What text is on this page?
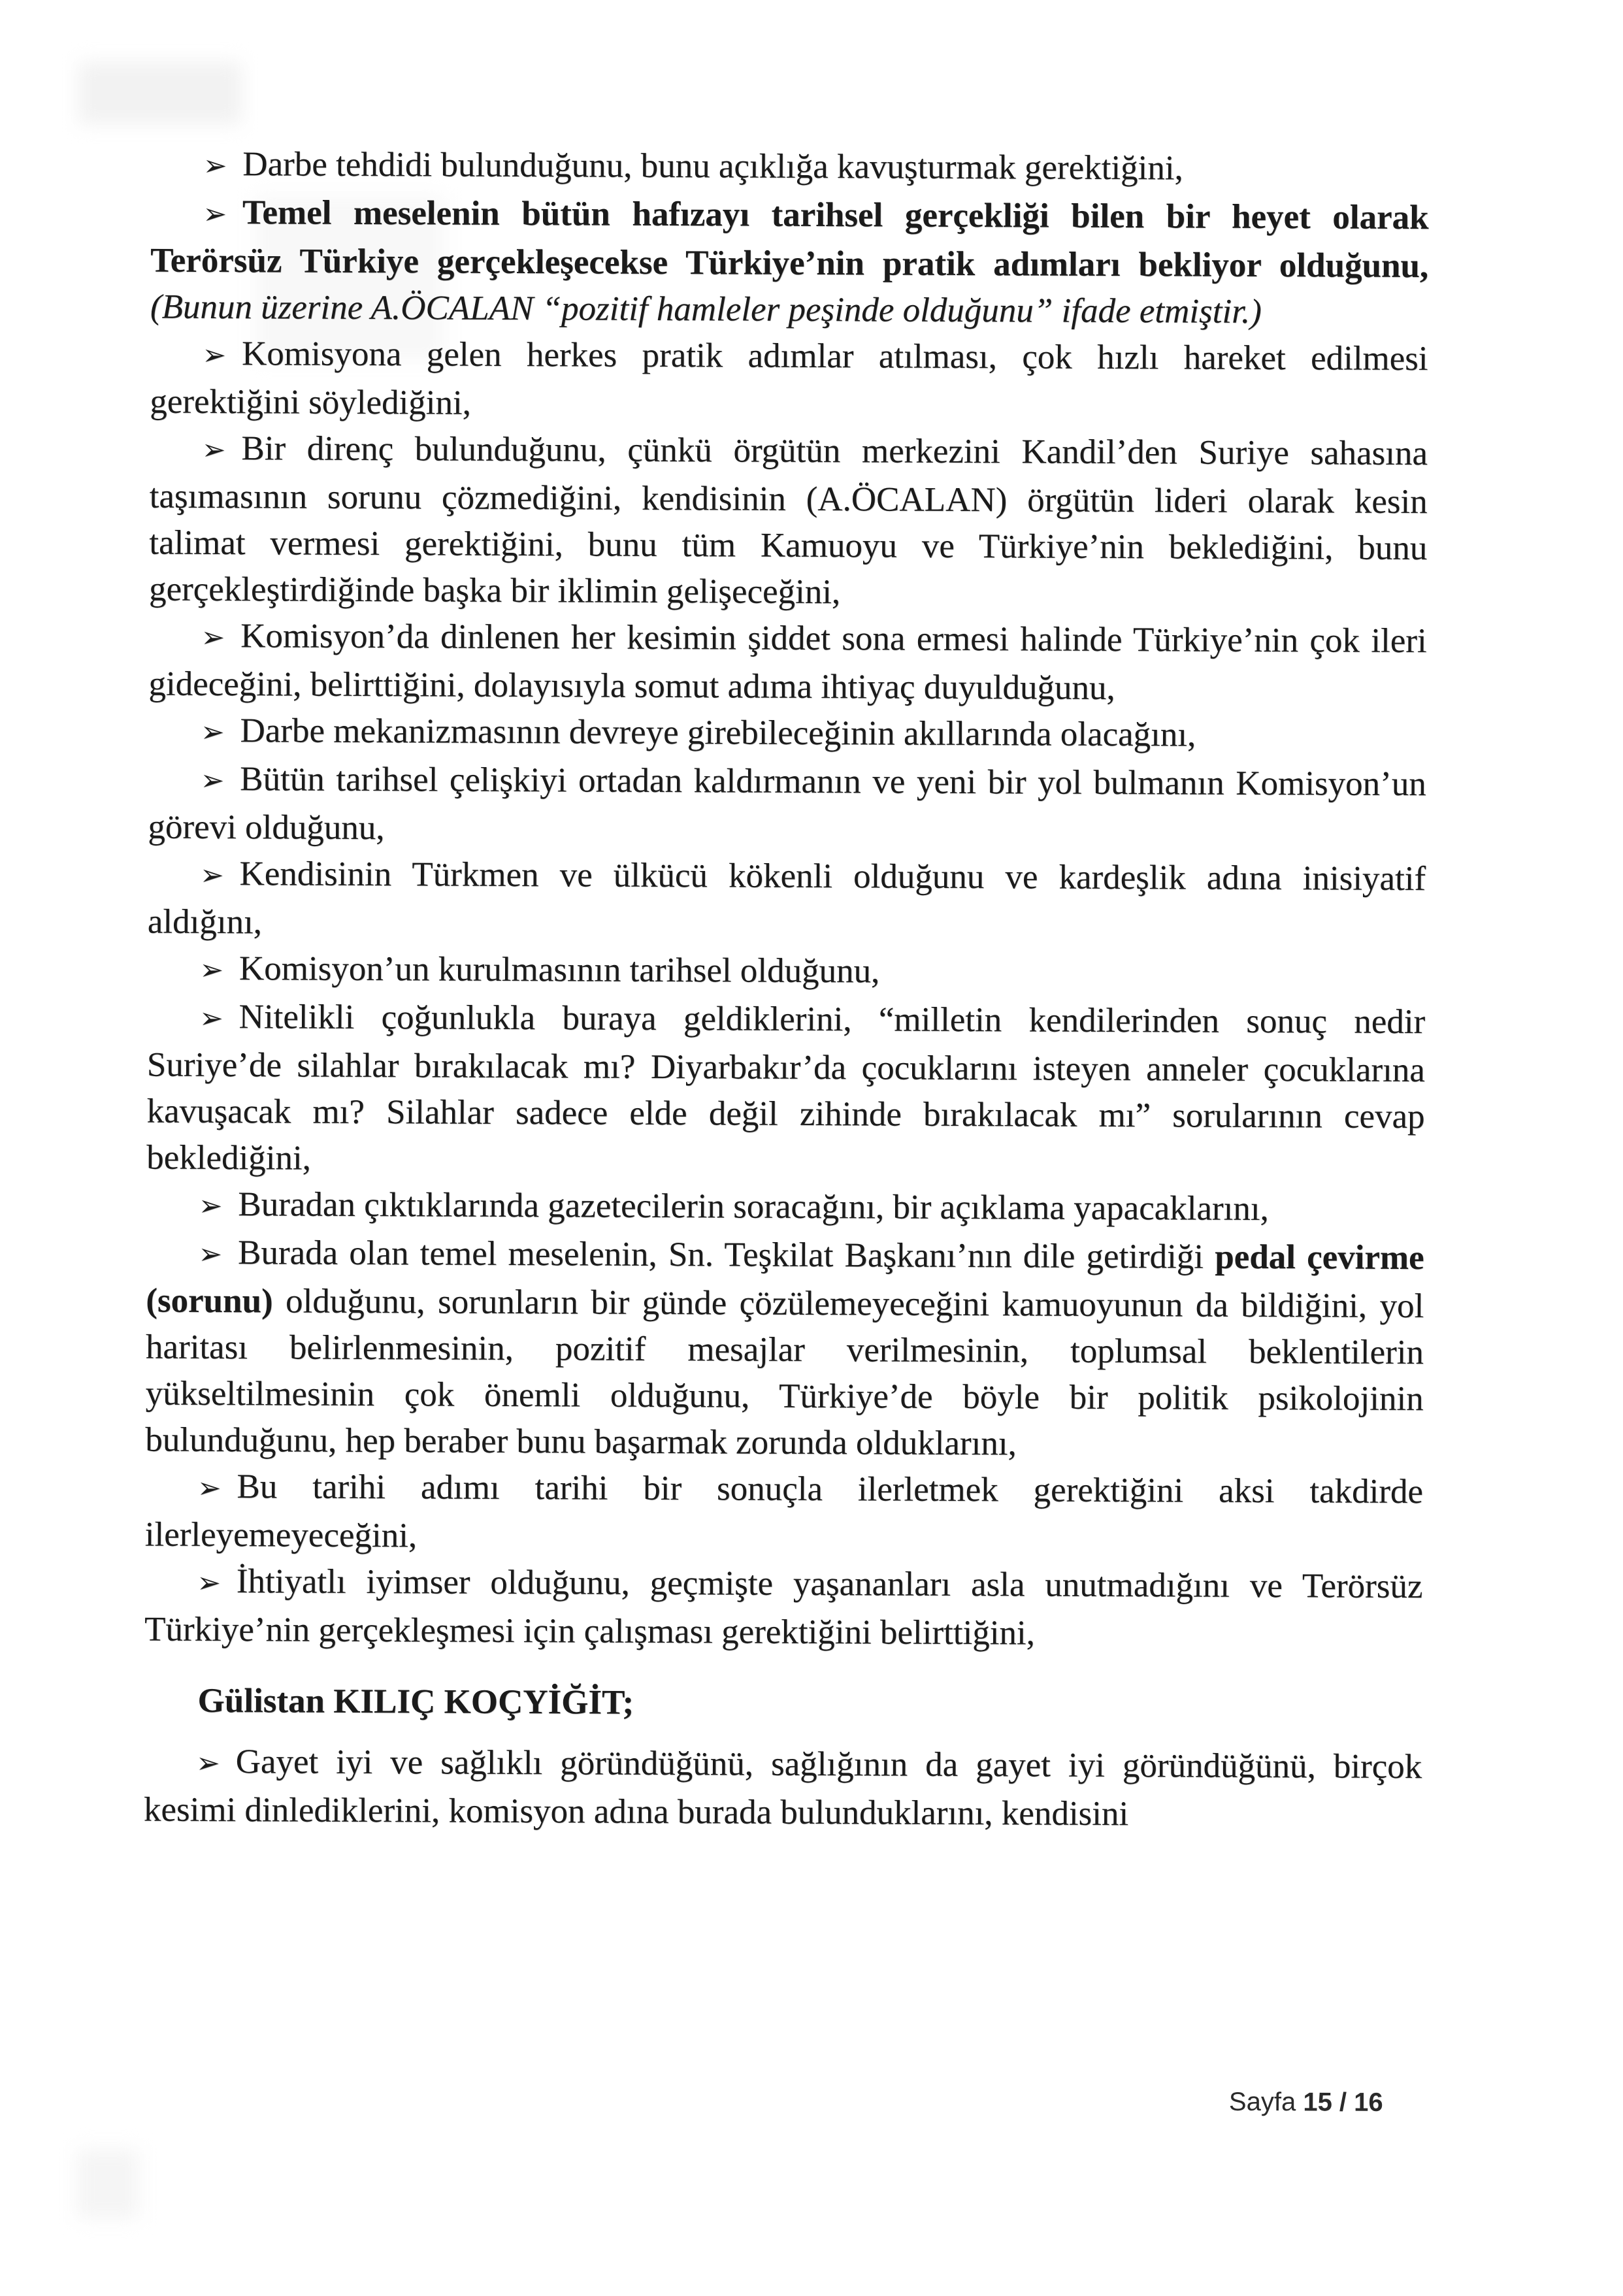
➢ Darbe tehdidi bulunduğunu, bunu açıklığa kavuşturmak gerektiğini,

➢ Temel meselenin bütün hafızayı tarihsel gerçekliği bilen bir heyet olarak Terörsüz Türkiye gerçekleşecekse Türkiye’nin pratik adımları bekliyor olduğunu, (Bunun üzerine A.ÖCALAN “pozitif hamleler peşinde olduğunu” ifade etmiştir.)

➢ Komisyona gelen herkes pratik adımlar atılması, çok hızlı hareket edilmesi gerektiğini söylediğini,

➢ Bir direnç bulunduğunu, çünkü örgütün merkezini Kandil’den Suriye sahasına taşımasının sorunu çözmediğini, kendisinin (A.ÖCALAN) örgütün lideri olarak kesin talimat vermesi gerektiğini, bunu tüm Kamuoyu ve Türkiye’nin beklediğini, bunu gerçekleştirdiğinde başka bir iklimin gelişeceğini,

➢ Komisyon’da dinlenen her kesimin şiddet sona ermesi halinde Türkiye’nin çok ileri gideceğini, belirttiğini, dolayısıyla somut adıma ihtiyaç duyulduğunu,

➢ Darbe mekanizmasının devreye girebileceğinin akıllarında olacağını,

➢ Bütün tarihsel çelişkiyi ortadan kaldırmanın ve yeni bir yol bulmanın Komisyon’un görevi olduğunu,

➢ Kendisinin Türkmen ve ülkücü kökenli olduğunu ve kardeşlik adına inisiyatif aldığını,

➢ Komisyon’un kurulmasının tarihsel olduğunu,

➢ Nitelikli çoğunlukla buraya geldiklerini, “milletin kendilerinden sonuç nedir Suriye’de silahlar bırakılacak mı? Diyarbakır’da çocuklarını isteyen anneler çocuklarına kavuşacak mı? Silahlar sadece elde değil zihinde bırakılacak mı” sorularının cevap beklediğini,

➢ Buradan çıktıklarında gazetecilerin soracağını, bir açıklama yapacaklarını,

➢ Burada olan temel meselenin, Sn. Teşkilat Başkanı’nın dile getirdiği pedal çevirme (sorunu) olduğunu, sorunların bir günde çözülemeyeceğini kamuoyunun da bildiğini, yol haritası belirlenmesinin, pozitif mesajlar verilmesinin, toplumsal beklentilerin yükseltilmesinin çok önemli olduğunu, Türkiye’de böyle bir politik psikolojinin bulunduğunu, hep beraber bunu başarmak zorunda olduklarını,

➢ Bu tarihi adımı tarihi bir sonuçla ilerletmek gerektiğini aksi takdirde ilerleyemeyeceğini,

➢ İhtiyatlı iyimser olduğunu, geçmişte yaşananları asla unutmadığını ve Terörsüz Türkiye’nin gerçekleşmesi için çalışması gerektiğini belirttiğini,

Gülistan KILIÇ KOÇYİĞİT;

➢ Gayet iyi ve sağlıklı göründüğünü, sağlığının da gayet iyi göründüğünü, birçok kesimi dinlediklerini, komisyon adına burada bulunduklarını, kendisini

Sayfa 15 / 16
